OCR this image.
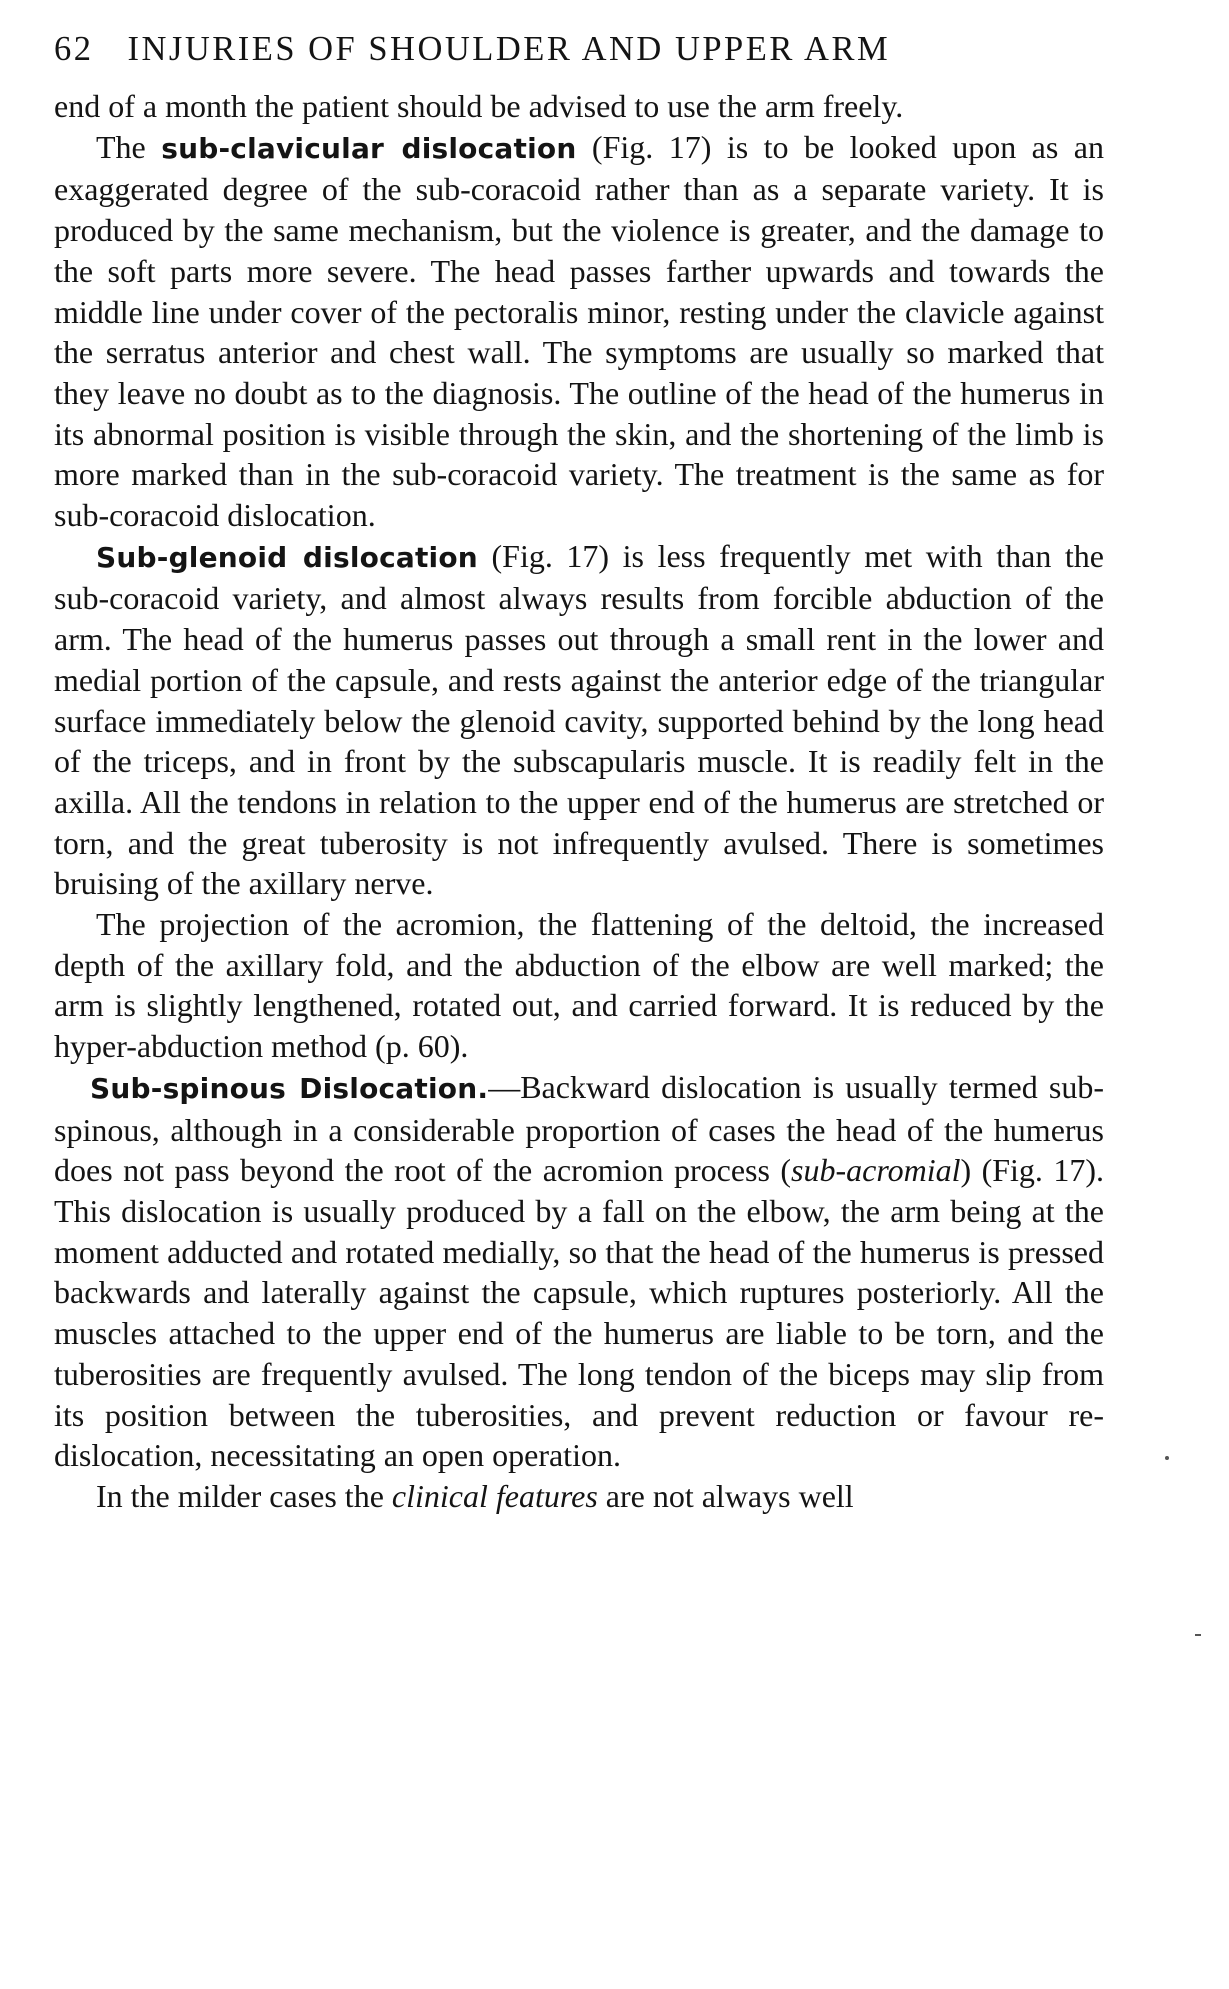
62 INJURIES OF SHOULDER AND UPPER ARM

end of a month the patient should be advised to use the arm freely.

The sub-clavicular dislocation (Fig. 17) is to be looked upon as an exaggerated degree of the sub-coracoid rather than as a separate variety. It is produced by the same mechanism, but the violence is greater, and the damage to the soft parts more severe. The head passes farther upwards and towards the middle line under cover of the pectoralis minor, resting under the clavicle against the serratus anterior and chest wall. The symptoms are usually so marked that they leave no doubt as to the diagnosis. The outline of the head of the humerus in its abnormal position is visible through the skin, and the shortening of the limb is more marked than in the sub-coracoid variety. The treatment is the same as for sub-coracoid dislocation.

Sub-glenoid dislocation (Fig. 17) is less frequently met with than the sub-coracoid variety, and almost always results from forcible abduction of the arm. The head of the humerus passes out through a small rent in the lower and medial portion of the capsule, and rests against the anterior edge of the triangular surface immediately below the glenoid cavity, supported behind by the long head of the triceps, and in front by the subscapularis muscle. It is readily felt in the axilla. All the tendons in relation to the upper end of the humerus are stretched or torn, and the great tuberosity is not infrequently avulsed. There is sometimes bruising of the axillary nerve.

The projection of the acromion, the flattening of the deltoid, the increased depth of the axillary fold, and the abduction of the elbow are well marked; the arm is slightly lengthened, rotated out, and carried forward. It is reduced by the hyper-abduction method (p. 60).

Sub-spinous Dislocation.—Backward dislocation is usually termed sub-spinous, although in a considerable proportion of cases the head of the humerus does not pass beyond the root of the acromion process (sub-acromial) (Fig. 17). This dislocation is usually produced by a fall on the elbow, the arm being at the moment adducted and rotated medially, so that the head of the humerus is pressed backwards and laterally against the capsule, which ruptures posteriorly. All the muscles attached to the upper end of the humerus are liable to be torn, and the tuberosities are frequently avulsed. The long tendon of the biceps may slip from its position between the tuberosities, and prevent reduction or favour re-dislocation, necessitating an open operation.

In the milder cases the clinical features are not always well
